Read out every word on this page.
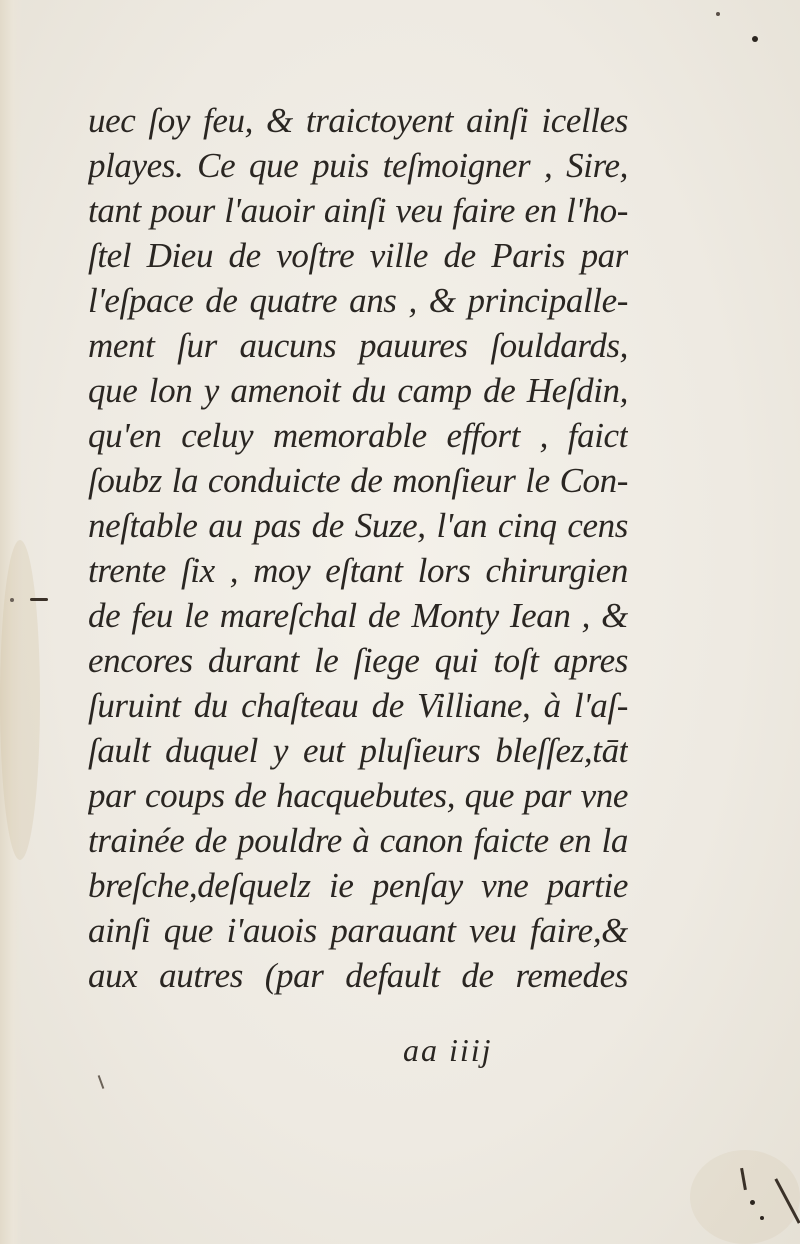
uec ſoy feu, & traictoyent ainſi icelles
playes. Ce que puis teſmoigner , Sire,
tant pour l'auoir ainſi veu faire en l'ho-
ſtel Dieu de voſtre ville de Paris par
l'eſpace de quatre ans , & principalle-
ment ſur aucuns pauures ſouldards,
que lon y amenoit du camp de Heſdin,
qu'en celuy memorable effort , faict
ſoubz la conduicte de monſieur le Con-
neſtable au pas de Suze, l'an cinq cens
trente ſix , moy eſtant lors chirurgien
de feu le mareſchal de Monty Iean , &
encores durant le ſiege qui toſt apres
ſuruint du chaſteau de Villiane, à l'aſ-
ſault duquel y eut pluſieurs bleſſez,tāt
par coups de hacquebutes, que par vne
trainée de pouldre à canon faicte en la
breſche,deſquelz ie penſay vne partie
ainſi que i'auois parauant veu faire,&
aux autres (par default de remedes
aa iiij
